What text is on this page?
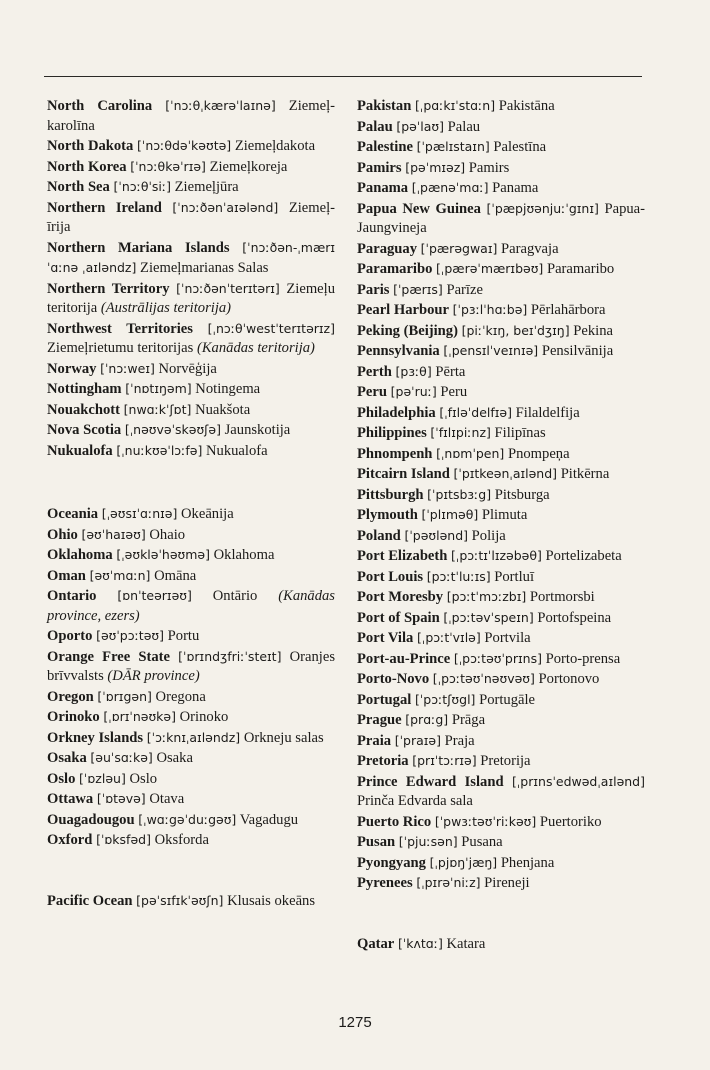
North Carolina [ˈnɔːθˌkærəˈlaɪnə] Ziemeļ-karolīna

North Dakota [ˈnɔːθdəˈkəʊtə] Ziemeļdakota

North Korea [ˈnɔːθkəˈrɪə] Ziemeļkoreja

North Sea [ˈnɔːθˈsiː] Ziemeļjūra

Northern Ireland [ˈnɔːðənˈaɪələnd] Ziemeļ-īrija

Northern Mariana Islands [ˈnɔːðən-ˌmærɪˈɑːnə ˌaɪləndz] Ziemeļmarianas Salas

Northern Territory [ˈnɔːðənˈterɪtərɪ] Ziemeļu teritorija (Austrālijas teritorija)

Northwest Territories [ˌnɔːθˈwestˈterɪtərɪz] Ziemeļrietumu teritorijas (Kanādas teritorija)

Norway [ˈnɔːweɪ] Norvēģija

Nottingham [ˈnɒtɪŋəm] Notingema

Nouakchott [nwɑːkˈʃɒt] Nuakšota

Nova Scotia [ˌnəʊvəˈskəʊʃə] Jaunskotija

Nukualofa [ˌnuːkʊəˈlɔːfə] Nukualofa

Oceania [ˌəʊsɪˈɑːnɪə] Okeānija

Ohio [əʊˈhaɪəʊ] Ohaio

Oklahoma [ˌəʊkləˈhəʊmə] Oklahoma

Oman [əʊˈmɑːn] Omāna

Ontario [ɒnˈteərɪəʊ] Ontārio (Kanādas province, ezers)

Oporto [əʊˈpɔːtəʊ] Portu

Orange Free State [ˈɒrɪndʒfriːˈsteɪt] Oranjes brīvvalsts (DĀR province)

Oregon [ˈɒrɪgən] Oregona

Orinoko [ˌɒrɪˈnəʊkə] Orinoko

Orkney Islands [ˈɔːknɪˌaɪləndz] Orkneju salas

Osaka [əuˈsɑːkə] Osaka

Oslo [ˈɒzləu] Oslo

Ottawa [ˈɒtəvə] Otava

Ouagadougou [ˌwɑːgəˈduːgəʊ] Vagadugu

Oxford [ˈɒksfəd] Oksforda

Pacific Ocean [pəˈsɪfɪkˈəʊʃn] Klusais okeāns

Pakistan [ˌpɑːkɪˈstɑːn] Pakistāna

Palau [pəˈlaʊ] Palau

Palestine [ˈpælɪstaɪn] Palestīna

Pamirs [pəˈmɪəz] Pamirs

Panama [ˌpænəˈmɑː] Panama

Papua New Guinea [ˈpæpjʊənjuːˈgɪnɪ] Papua-Jaungvineja

Paraguay [ˈpærəgwaɪ] Paragvaja

Paramaribo [ˌpærəˈmærɪbəʊ] Paramaribo

Paris [ˈpærɪs] Parīze

Pearl Harbour [ˈpɜːlˈhɑːbə] Pērlahārbora

Peking (Beijing) [piːˈkɪŋ, beɪˈdʒɪŋ] Pekina

Pennsylvania [ˌpensɪlˈveɪnɪə] Pensilvānija

Perth [pɜːθ] Pērta

Peru [pəˈruː] Peru

Philadelphia [ˌfɪləˈdelfɪə] Filaldelfija

Philippines [ˈfɪlɪpiːnz] Filipīnas

Phnompenh [ˌnɒmˈpen] Pnompeņa

Pitcairn Island [ˈpɪtkeənˌaɪlənd] Pitkērna

Pittsburgh [ˈpɪtsbɜːg] Pitsburga

Plymouth [ˈplɪməθ] Plimuta

Poland [ˈpəʊlənd] Polija

Port Elizabeth [ˌpɔːtɪˈlɪzəbəθ] Portelizabeta

Port Louis [pɔːtˈluːɪs] Portluī

Port Moresby [pɔːtˈmɔːzbɪ] Portmorsbi

Port of Spain [ˌpɔːtəvˈspeɪn] Portofspeina

Port Vila [ˌpɔːtˈvɪlə] Portvila

Port-au-Prince [ˌpɔːtəʊˈprɪns] Porto-prensa

Porto-Novo [ˌpɔːtəʊˈnəʊvəʊ] Portonovo

Portugal [ˈpɔːtʃʊgl] Portugāle

Prague [prɑːg] Prāga

Praia [ˈpraɪə] Praja

Pretoria [prɪˈtɔːrɪə] Pretorija

Prince Edward Island [ˌprɪnsˈedwədˌaɪlənd] Prinča Edvarda sala

Puerto Rico [ˈpwɜːtəʊˈriːkəʊ] Puertoriko

Pusan [ˈpjuːsən] Pusana

Pyongyang [ˌpjɒŋˈjæŋ] Phenjana

Pyrenees [ˌpɪrəˈniːz] Pireneji

Qatar [ˈkʌtɑː] Katara

1275
